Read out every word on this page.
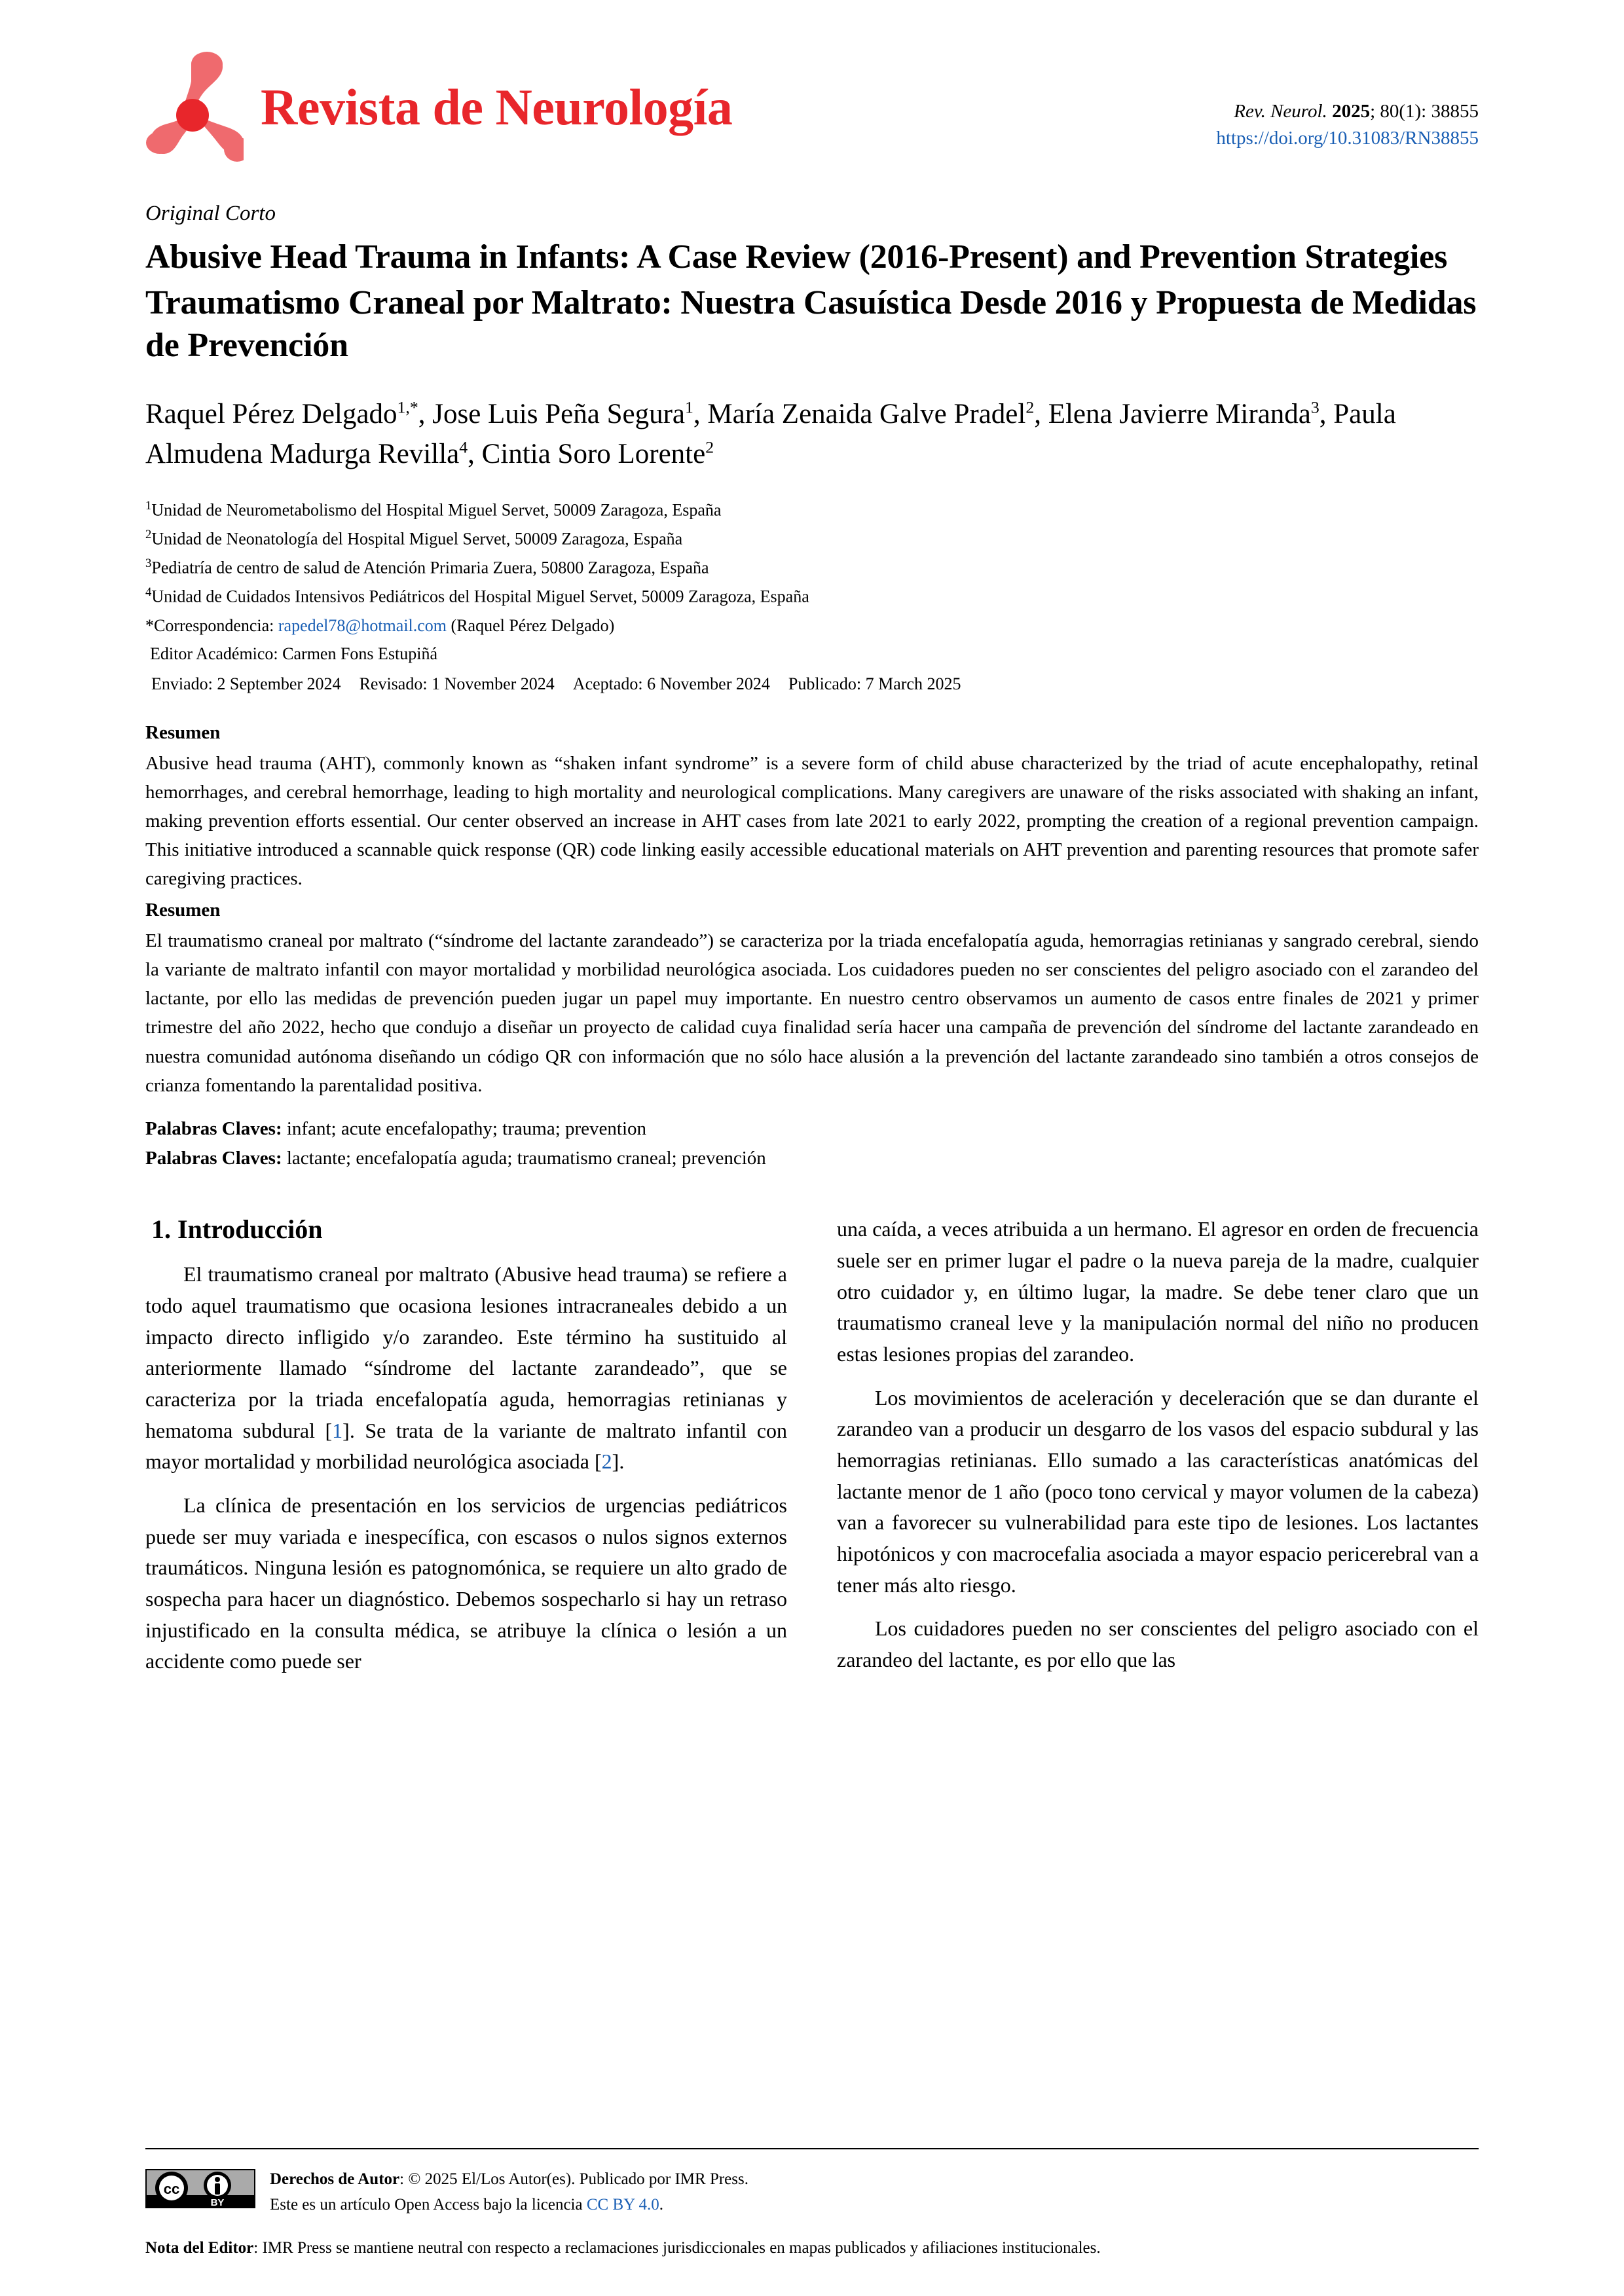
Revista de Neurología	Rev. Neurol. 2025; 80(1): 38855
https://doi.org/10.31083/RN38855
Original Corto
Abusive Head Trauma in Infants: A Case Review (2016-Present) and Prevention Strategies
Traumatismo Craneal por Maltrato: Nuestra Casuística Desde 2016 y Propuesta de Medidas de Prevención
Raquel Pérez Delgado$^{1,*}$, Jose Luis Peña Segura$^1$, María Zenaida Galve Pradel$^2$, Elena Javierre Miranda$^3$, Paula Almudena Madurga Revilla$^4$, Cintia Soro Lorente$^2$
$^1$Unidad de Neurometabolismo del Hospital Miguel Servet, 50009 Zaragoza, España
$^2$Unidad de Neonatología del Hospital Miguel Servet, 50009 Zaragoza, España
$^3$Pediatría de centro de salud de Atención Primaria Zuera, 50800 Zaragoza, España
$^4$Unidad de Cuidados Intensivos Pediátricos del Hospital Miguel Servet, 50009 Zaragoza, España
*Correspondencia: rapedel78@hotmail.com (Raquel Pérez Delgado)
Editor Académico: Carmen Fons Estupiñá
Enviado: 2 September 2024 Revisado: 1 November 2024 Aceptado: 6 November 2024 Publicado: 7 March 2025
Resumen

Abusive head trauma (AHT), commonly known as “shaken infant syndrome” is a severe form of child abuse characterized by the triad of acute encephalopathy, retinal hemorrhages, and cerebral hemorrhage, leading to high mortality and neurological complications. Many caregivers are unaware of the risks associated with shaking an infant, making prevention efforts essential. Our center observed an increase in AHT cases from late 2021 to early 2022, prompting the creation of a regional prevention campaign. This initiative introduced a scannable quick response (QR) code linking easily accessible educational materials on AHT prevention and parenting resources that promote safer caregiving practices.

Resumen

El traumatismo craneal por maltrato (“síndrome del lactante zarandeado”) se caracteriza por la triada encefalopatía aguda, hemorragias retinianas y sangrado cerebral, siendo la variante de maltrato infantil con mayor mortalidad y morbilidad neurológica asociada. Los cuidadores pueden no ser conscientes del peligro asociado con el zarandeo del lactante, por ello las medidas de prevención pueden jugar un papel muy importante. En nuestro centro observamos un aumento de casos entre finales de 2021 y primer trimestre del año 2022, hecho que condujo a diseñar un proyecto de calidad cuya finalidad sería hacer una campaña de prevención del síndrome del lactante zarandeado en nuestra comunidad autónoma diseñando un código QR con información que no sólo hace alusión a la prevención del lactante zarandeado sino también a otros consejos de crianza fomentando la parentalidad positiva.

Palabras Claves: infant; acute encefalopathy; trauma; prevention
Palabras Claves: lactante; encefalopatía aguda; traumatismo craneal; prevención
1. Introducción

El traumatismo craneal por maltrato (Abusive head trauma) se refiere a todo aquel traumatismo que ocasiona lesiones intracraneales debido a un impacto directo infligido y/o zarandeo. Este término ha sustituido al anteriormente llamado “síndrome del lactante zarandeado”, que se caracteriza por la triada encefalopatía aguda, hemorragias retinianas y hematoma subdural [1]. Se trata de la variante de maltrato infantil con mayor mortalidad y morbilidad neurológica asociada [2].

La clínica de presentación en los servicios de urgencias pediátricos puede ser muy variada e inespecífica, con escasos o nulos signos externos traumáticos. Ninguna lesión es patognomónica, se requiere un alto grado de sospecha para hacer un diagnóstico. Debemos sospecharlo si hay un retraso injustificado en la consulta médica, se atribuye la clínica o lesión a un accidente como puede ser

una caída, a veces atribuida a un hermano. El agresor en orden de frecuencia suele ser en primer lugar el padre o la nueva pareja de la madre, cualquier otro cuidador y, en último lugar, la madre. Se debe tener claro que un traumatismo craneal leve y la manipulación normal del niño no producen estas lesiones propias del zarandeo.

Los movimientos de aceleración y deceleración que se dan durante el zarandeo van a producir un desgarro de los vasos del espacio subdural y las hemorragias retinianas. Ello sumado a las características anatómicas del lactante menor de 1 año (poco tono cervical y mayor volumen de la cabeza) van a favorecer su vulnerabilidad para este tipo de lesiones. Los lactantes hipotónicos y con macrocefalia asociada a mayor espacio pericerebral van a tener más alto riesgo.

Los cuidadores pueden no ser conscientes del peligro asociado con el zarandeo del lactante, es por ello que las

cc
BY
Derechos de Autor: © 2025 El/Los Autor(es). Publicado por IMR Press.
Este es un artículo Open Access bajo la licencia CC BY 4.0.
Nota del Editor: IMR Press se mantiene neutral con respecto a reclamaciones jurisdiccionales en mapas publicados y afiliaciones institucionales.
